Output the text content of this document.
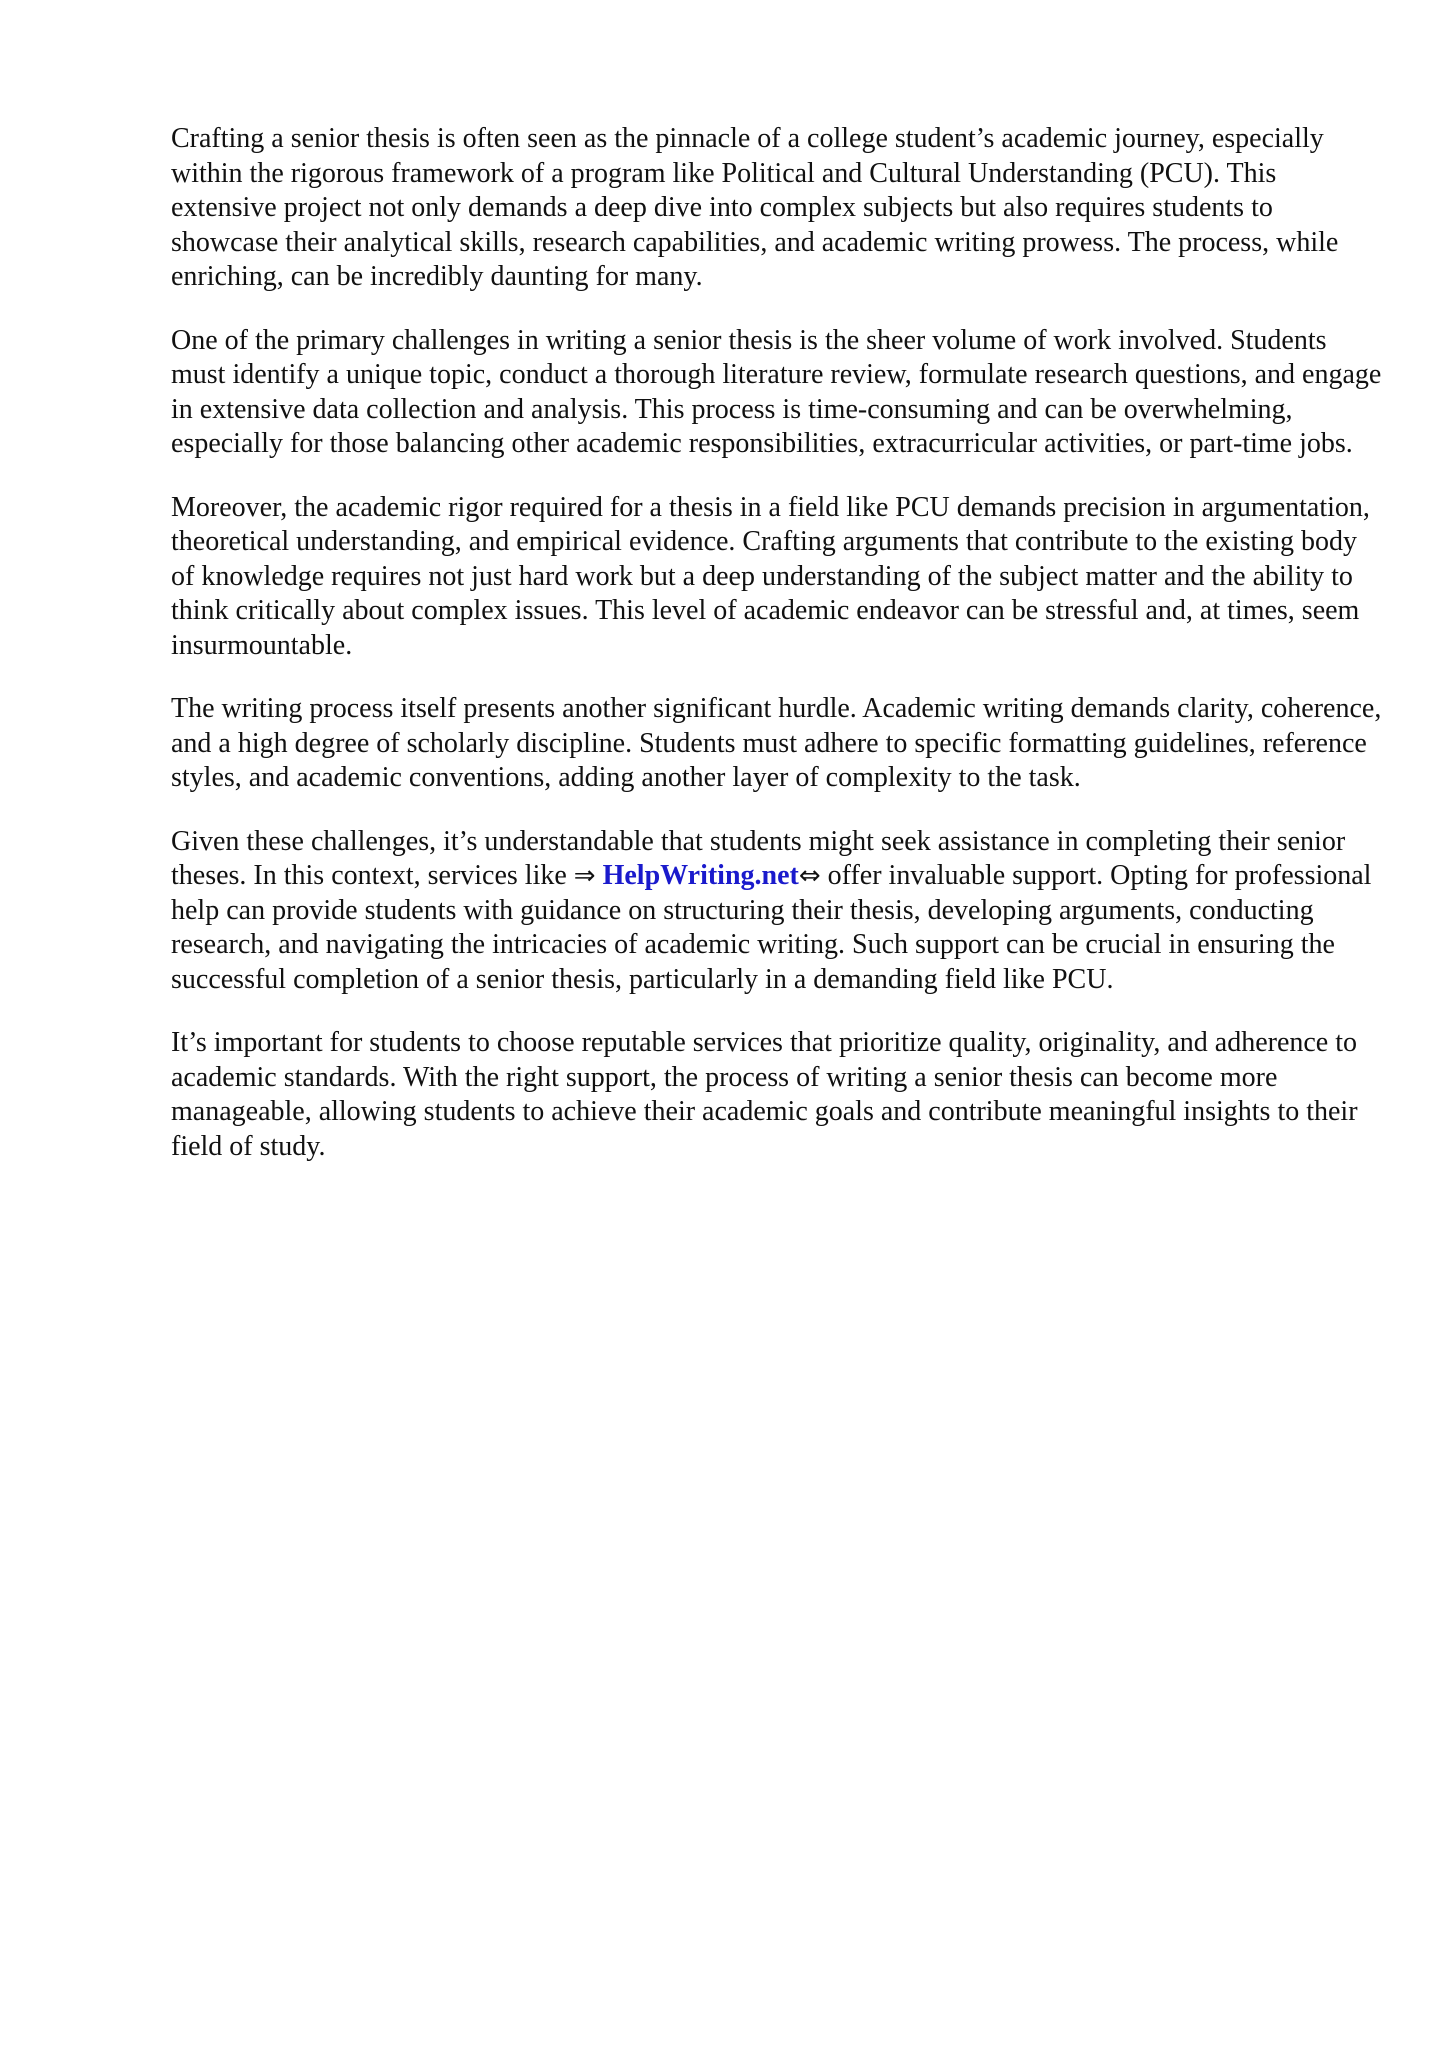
Crafting a senior thesis is often seen as the pinnacle of a college student’s academic journey, especially within the rigorous framework of a program like Political and Cultural Understanding (PCU). This extensive project not only demands a deep dive into complex subjects but also requires students to showcase their analytical skills, research capabilities, and academic writing prowess. The process, while enriching, can be incredibly daunting for many.

One of the primary challenges in writing a senior thesis is the sheer volume of work involved. Students must identify a unique topic, conduct a thorough literature review, formulate research questions, and engage in extensive data collection and analysis. This process is time-consuming and can be overwhelming, especially for those balancing other academic responsibilities, extracurricular activities, or part-time jobs.

Moreover, the academic rigor required for a thesis in a field like PCU demands precision in argumentation, theoretical understanding, and empirical evidence. Crafting arguments that contribute to the existing body of knowledge requires not just hard work but a deep understanding of the subject matter and the ability to think critically about complex issues. This level of academic endeavor can be stressful and, at times, seem insurmountable.

The writing process itself presents another significant hurdle. Academic writing demands clarity, coherence, and a high degree of scholarly discipline. Students must adhere to specific formatting guidelines, reference styles, and academic conventions, adding another layer of complexity to the task.

Given these challenges, it’s understandable that students might seek assistance in completing their senior theses. In this context, services like ⇒ HelpWriting.net⇔ offer invaluable support. Opting for professional help can provide students with guidance on structuring their thesis, developing arguments, conducting research, and navigating the intricacies of academic writing. Such support can be crucial in ensuring the successful completion of a senior thesis, particularly in a demanding field like PCU.

It’s important for students to choose reputable services that prioritize quality, originality, and adherence to academic standards. With the right support, the process of writing a senior thesis can become more manageable, allowing students to achieve their academic goals and contribute meaningful insights to their field of study.
